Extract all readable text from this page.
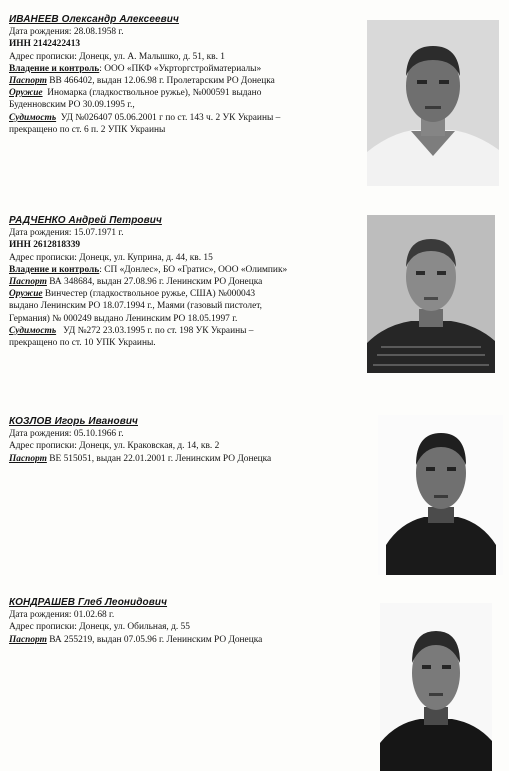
ИВАНЕЕВ Олександр Алексеевич
Дата рождения: 28.08.1958 г.
ИНН 2142422413
Адрес прописки: Донецк, ул. А. Малышко, д. 51, кв. 1
Владение и контроль: ООО «ПКФ «Укрторгстройматериалы»
Паспорт ВВ 466402, выдан 12.06.98 г. Пролетарским РО Донецка
Оружие Иномарка (гладкоствольное ружье), №000591 выдано
Буденновским РО 30.09.1995 г.,
Судимость УД №026407 05.06.2001 г по ст. 143 ч. 2 УК Украины –
прекращено по ст. 6 п. 2 УПК Украины
РАДЧЕНКО Андрей Петрович
Дата рождения: 15.07.1971 г.
ИНН 2612818339
Адрес прописки: Донецк, ул. Куприна, д. 44, кв. 15
Владение и контроль: СП «Донлес», БО «Гратис», ООО «Олимпик»
Паспорт ВА 348684, выдан 27.08.96 г. Ленинским РО Донецка
Оружие Винчестер (гладкоствольное ружье, США) №000043
выдано Ленинским РО 18.07.1994 г., Маями (газовый пистолет,
Германия) № 000249 выдано Ленинским РО 18.05.1997 г.
Судимость УД №272 23.03.1995 г. по ст. 198 УК Украины –
прекращено по ст. 10 УПК Украины.
КОЗЛОВ Игорь Иванович
Дата рождения: 05.10.1966 г.
Адрес прописки: Донецк, ул. Краковская, д. 14, кв. 2
Паспорт ВЕ 515051, выдан 22.01.2001 г. Ленинским РО Донецка
КОНДРАШЕВ Глеб Леонидович
Дата рождения: 01.02.68 г.
Адрес прописки: Донецк, ул. Обильная, д. 55
Паспорт ВА 255219, выдан 07.05.96 г. Ленинским РО Донецка
